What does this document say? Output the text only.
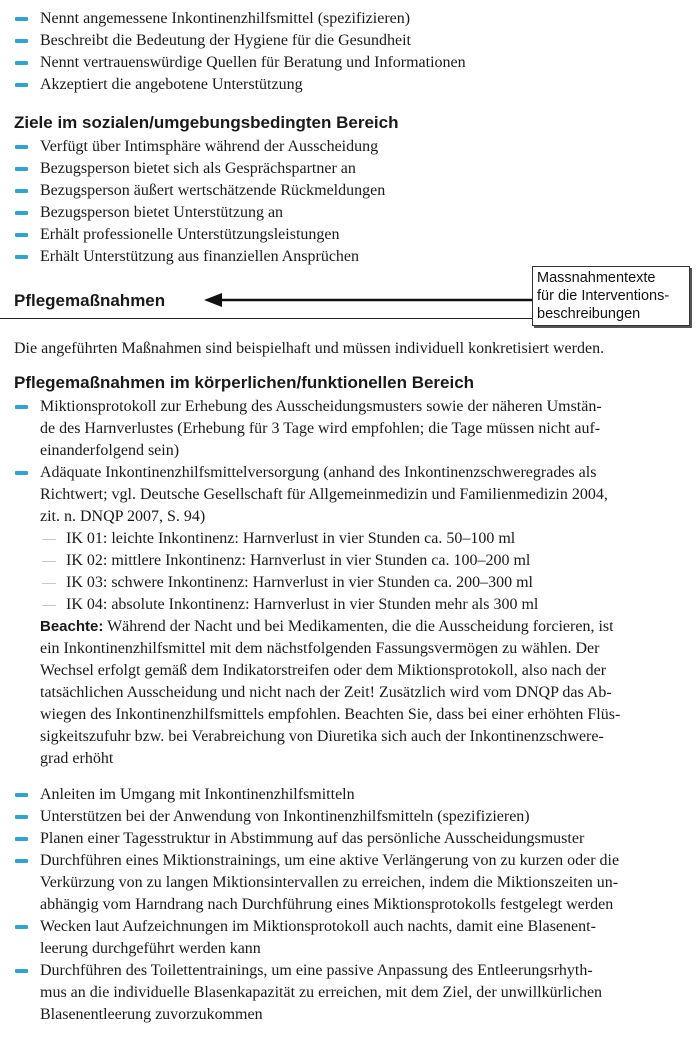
Nennt angemessene Inkontinenzhilfsmittel (spezifizieren)
Beschreibt die Bedeutung der Hygiene für die Gesundheit
Nennt vertrauenswürdige Quellen für Beratung und Informationen
Akzeptiert die angebotene Unterstützung
Ziele im sozialen/umgebungsbedingten Bereich
Verfügt über Intimsphäre während der Ausscheidung
Bezugsperson bietet sich als Gesprächspartner an
Bezugsperson äußert wertschätzende Rückmeldungen
Bezugsperson bietet Unterstützung an
Erhält professionelle Unterstützungsleistungen
Erhält Unterstützung aus finanziellen Ansprüchen
Pflegemaßnahmen
Massnahmentexte
für die Interventions-
beschreibungen
Die angeführten Maßnahmen sind beispielhaft und müssen individuell konkretisiert werden.
Pflegemaßnahmen im körperlichen/funktionellen Bereich
Miktionsprotokoll zur Erhebung des Ausscheidungsmusters sowie der näheren Umstän-
de des Harnverlustes (Erhebung für 3 Tage wird empfohlen; die Tage müssen nicht auf-
einanderfolgend sein)
Adäquate Inkontinenzhilfsmittelversorgung (anhand des Inkontinenzschweregrades als
Richtwert; vgl. Deutsche Gesellschaft für Allgemeinmedizin und Familienmedizin 2004,
zit. n. DNQP 2007, S. 94)
IK 01: leichte Inkontinenz: Harnverlust in vier Stunden ca. 50–100 ml
IK 02: mittlere Inkontinenz: Harnverlust in vier Stunden ca. 100–200 ml
IK 03: schwere Inkontinenz: Harnverlust in vier Stunden ca. 200–300 ml
IK 04: absolute Inkontinenz: Harnverlust in vier Stunden mehr als 300 ml
Beachte: Während der Nacht und bei Medikamenten, die die Ausscheidung forcieren, ist
ein Inkontinenzhilfsmittel mit dem nächstfolgenden Fassungsvermögen zu wählen. Der
Wechsel erfolgt gemäß dem Indikatorstreifen oder dem Miktionsprotokoll, also nach der
tatsächlichen Ausscheidung und nicht nach der Zeit! Zusätzlich wird vom DNQP das Ab-
wiegen des Inkontinenzhilfsmittels empfohlen. Beachten Sie, dass bei einer erhöhten Flüs-
sigkeitszufuhr bzw. bei Verabreichung von Diuretika sich auch der Inkontinenzschwere-
grad erhöht
Anleiten im Umgang mit Inkontinenzhilfsmitteln
Unterstützen bei der Anwendung von Inkontinenzhilfsmitteln (spezifizieren)
Planen einer Tagesstruktur in Abstimmung auf das persönliche Ausscheidungsmuster
Durchführen eines Miktionstrainings, um eine aktive Verlängerung von zu kurzen oder die
Verkürzung von zu langen Miktionsintervallen zu erreichen, indem die Miktionszeiten un-
abhängig vom Harndrang nach Durchführung eines Miktionsprotokolls festgelegt werden
Wecken laut Aufzeichnungen im Miktionsprotokoll auch nachts, damit eine Blasenent-
leerung durchgeführt werden kann
Durchführen des Toilettentrainings, um eine passive Anpassung des Entleerungsrhyth-
mus an die individuelle Blasenkapazität zu erreichen, mit dem Ziel, der unwillkürlichen
Blasenentleerung zuvorzukommen
